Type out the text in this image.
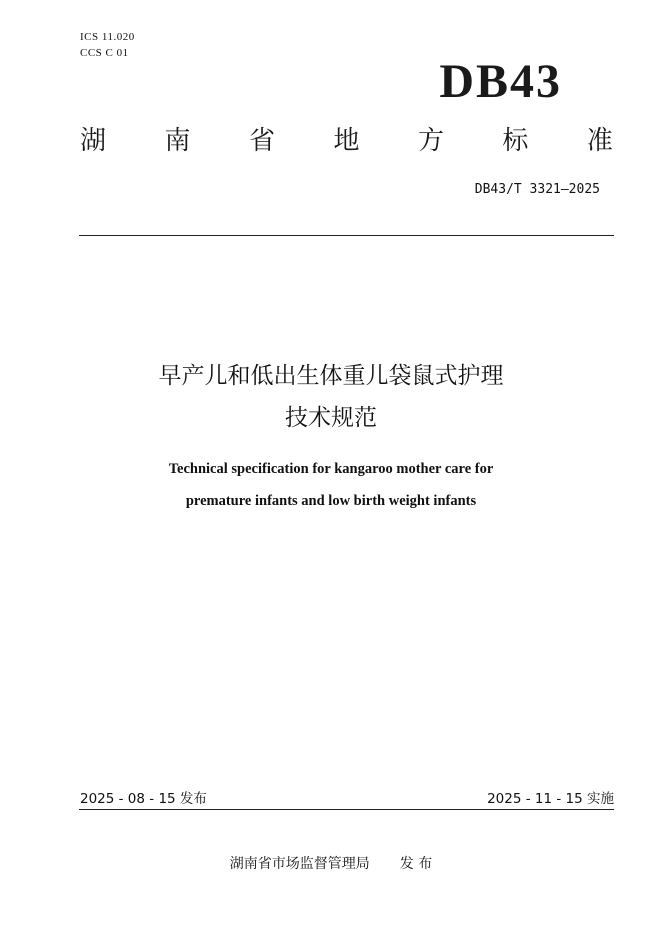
ICS 11.020
CCS C 01
DB43
湖 南 省 地 方 标 准
DB43/T 3321—2025
早产儿和低出生体重儿袋鼠式护理
技术规范
Technical specification for kangaroo mother care for
premature infants and low birth weight infants
2025 - 08 - 15 发布	2025 - 11 - 15 实施
湖南省市场监督管理局 发 布
